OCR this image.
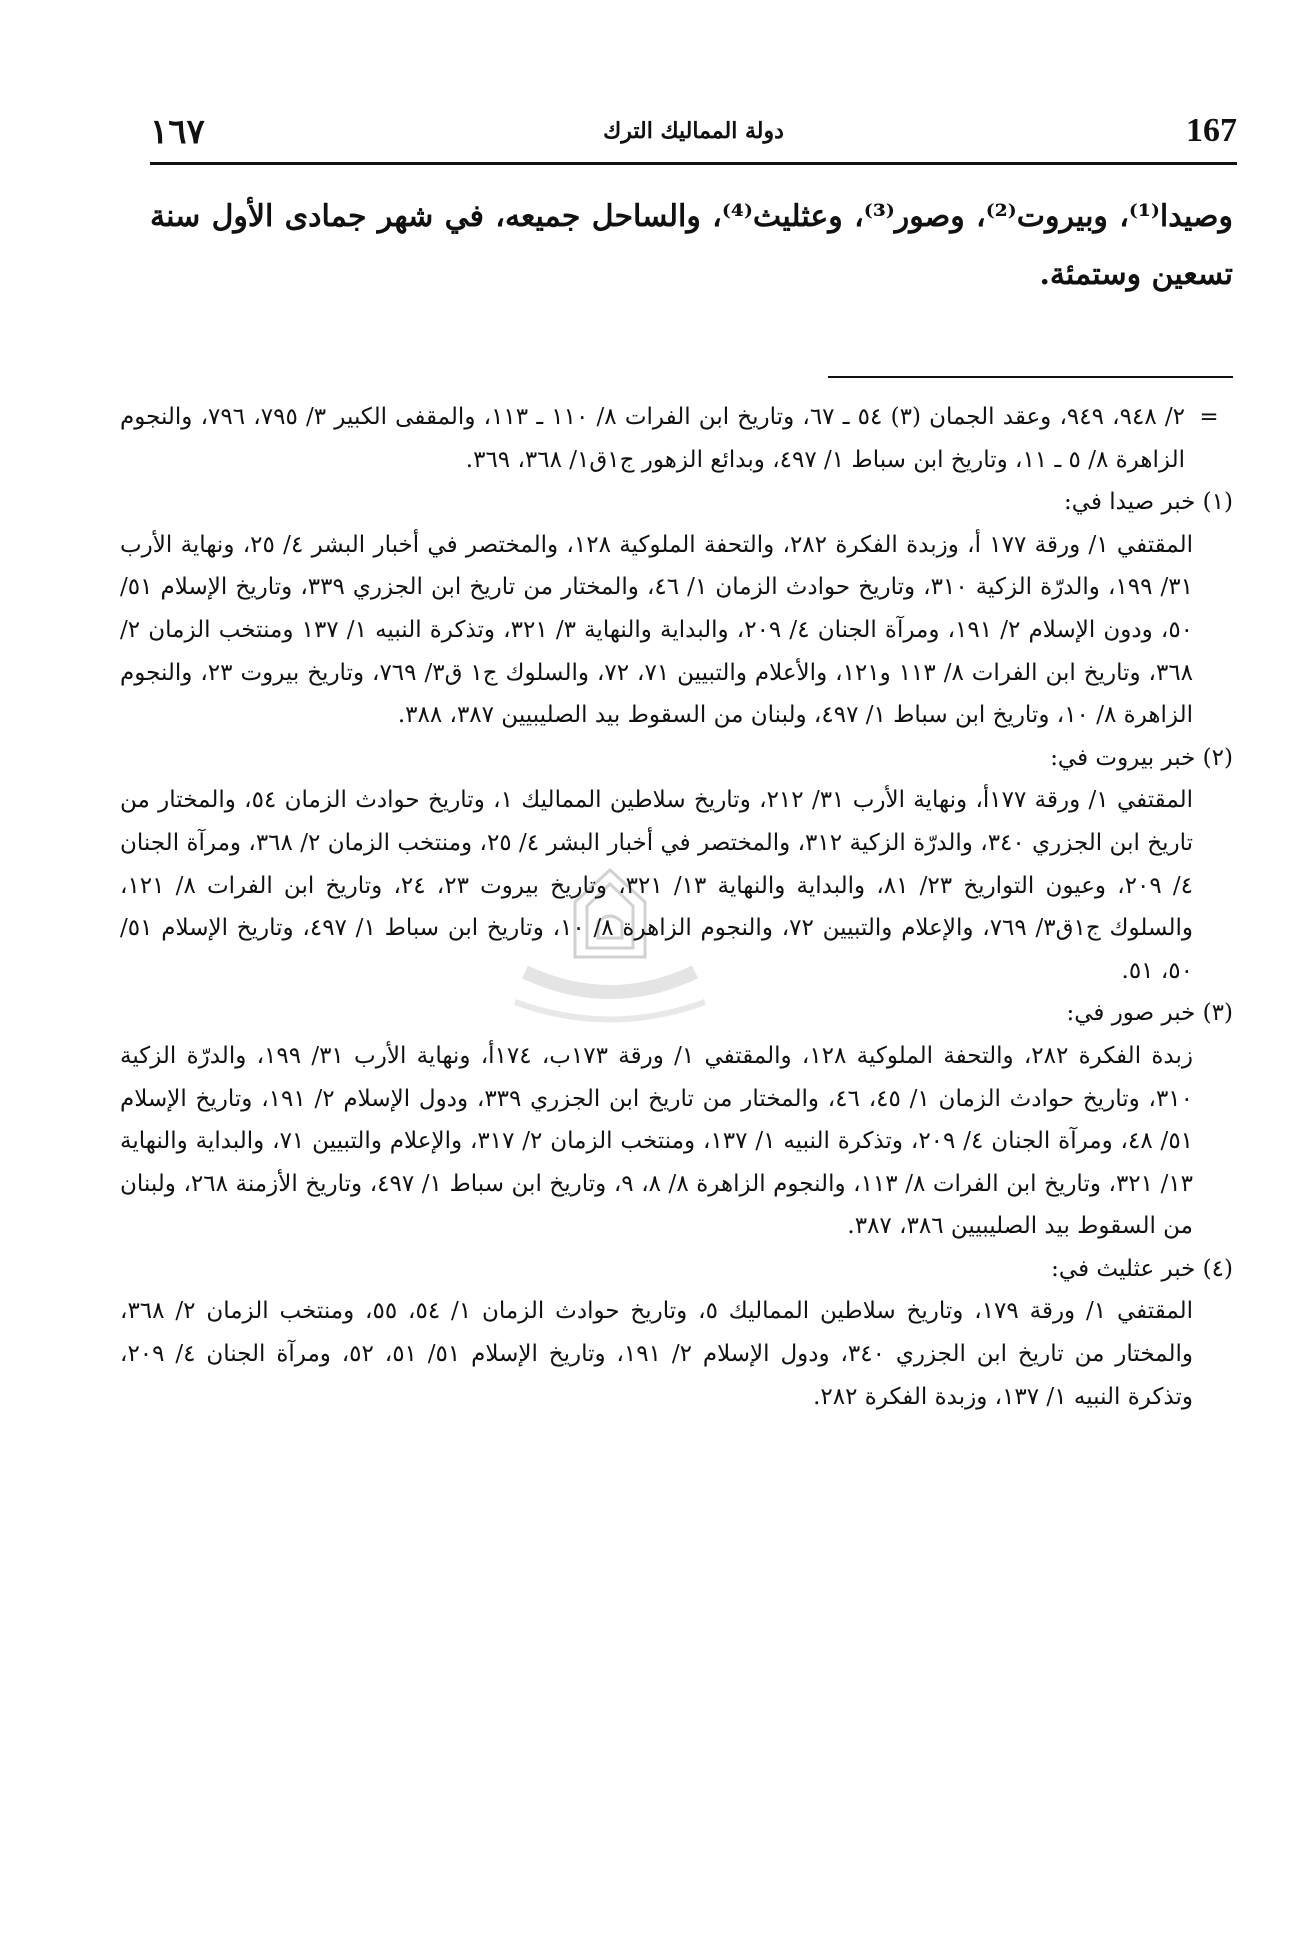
١٦٧	دولة المماليك الترك	167
وصيدا⁽¹⁾، وبيروت⁽²⁾، وصور⁽³⁾، وعثليث⁽⁴⁾، والساحل جميعه، في شهر جمادى الأول سنة تسعين وستمئة.

=
٢/ ٩٤٨، ٩٤٩، وعقد الجمان (٣) ٥٤ ـ ٦٧، وتاريخ ابن الفرات ٨/ ١١٠ ـ ١١٣، والمقفى الكبير ٣/ ٧٩٥، ٧٩٦، والنجوم الزاهرة ٨/ ٥ ـ ١١، وتاريخ ابن سباط ١/ ٤٩٧، وبدائع الزهور ج١ق١/ ٣٦٨، ٣٦٩.

(١) خبر صيدا في:

المقتفي ١/ ورقة ١٧٧ أ، وزبدة الفكرة ٢٨٢، والتحفة الملوكية ١٢٨، والمختصر في أخبار البشر ٤/ ٢٥، ونهاية الأرب ٣١/ ١٩٩، والدرّة الزكية ٣١٠، وتاريخ حوادث الزمان ١/ ٤٦، والمختار من تاريخ ابن الجزري ٣٣٩، وتاريخ الإسلام ٥١/ ٥٠، ودون الإسلام ٢/ ١٩١، ومرآة الجنان ٤/ ٢٠٩، والبداية والنهاية ٣/ ٣٢١، وتذكرة النبيه ١/ ١٣٧ ومنتخب الزمان ٢/ ٣٦٨، وتاريخ ابن الفرات ٨/ ١١٣ و١٢١، والأعلام والتبيين ٧١، ٧٢، والسلوك ج١ ق٣/ ٧٦٩، وتاريخ بيروت ٢٣، والنجوم الزاهرة ٨/ ١٠، وتاريخ ابن سباط ١/ ٤٩٧، ولبنان من السقوط بيد الصليبيين ٣٨٧، ٣٨٨.

(٢) خبر بيروت في:

المقتفي ١/ ورقة ١٧٧أ، ونهاية الأرب ٣١/ ٢١٢، وتاريخ سلاطين المماليك ١، وتاريخ حوادث الزمان ٥٤، والمختار من تاريخ ابن الجزري ٣٤٠، والدرّة الزكية ٣١٢، والمختصر في أخبار البشر ٤/ ٢٥، ومنتخب الزمان ٢/ ٣٦٨، ومرآة الجنان ٤/ ٢٠٩، وعيون التواريخ ٢٣/ ٨١، والبداية والنهاية ١٣/ ٣٢١، وتاريخ بيروت ٢٣، ٢٤، وتاريخ ابن الفرات ٨/ ١٢١، والسلوك ج١ق٣/ ٧٦٩، والإعلام والتبيين ٧٢، والنجوم الزاهرة ٨/ ١٠، وتاريخ ابن سباط ١/ ٤٩٧، وتاريخ الإسلام ٥١/ ٥٠، ٥١.

(٣) خبر صور في:

زبدة الفكرة ٢٨٢، والتحفة الملوكية ١٢٨، والمقتفي ١/ ورقة ١٧٣ب، ١٧٤أ، ونهاية الأرب ٣١/ ١٩٩، والدرّة الزكية ٣١٠، وتاريخ حوادث الزمان ١/ ٤٥، ٤٦، والمختار من تاريخ ابن الجزري ٣٣٩، ودول الإسلام ٢/ ١٩١، وتاريخ الإسلام ٥١/ ٤٨، ومرآة الجنان ٤/ ٢٠٩، وتذكرة النبيه ١/ ١٣٧، ومنتخب الزمان ٢/ ٣١٧، والإعلام والتبيين ٧١، والبداية والنهاية ١٣/ ٣٢١، وتاريخ ابن الفرات ٨/ ١١٣، والنجوم الزاهرة ٨/ ٨، ٩، وتاريخ ابن سباط ١/ ٤٩٧، وتاريخ الأزمنة ٢٦٨، ولبنان من السقوط بيد الصليبيين ٣٨٦، ٣٨٧.

(٤) خبر عثليث في:

المقتفي ١/ ورقة ١٧٩، وتاريخ سلاطين المماليك ٥، وتاريخ حوادث الزمان ١/ ٥٤، ٥٥، ومنتخب الزمان ٢/ ٣٦٨، والمختار من تاريخ ابن الجزري ٣٤٠، ودول الإسلام ٢/ ١٩١، وتاريخ الإسلام ٥١/ ٥١، ٥٢، ومرآة الجنان ٤/ ٢٠٩، وتذكرة النبيه ١/ ١٣٧، وزبدة الفكرة ٢٨٢.
